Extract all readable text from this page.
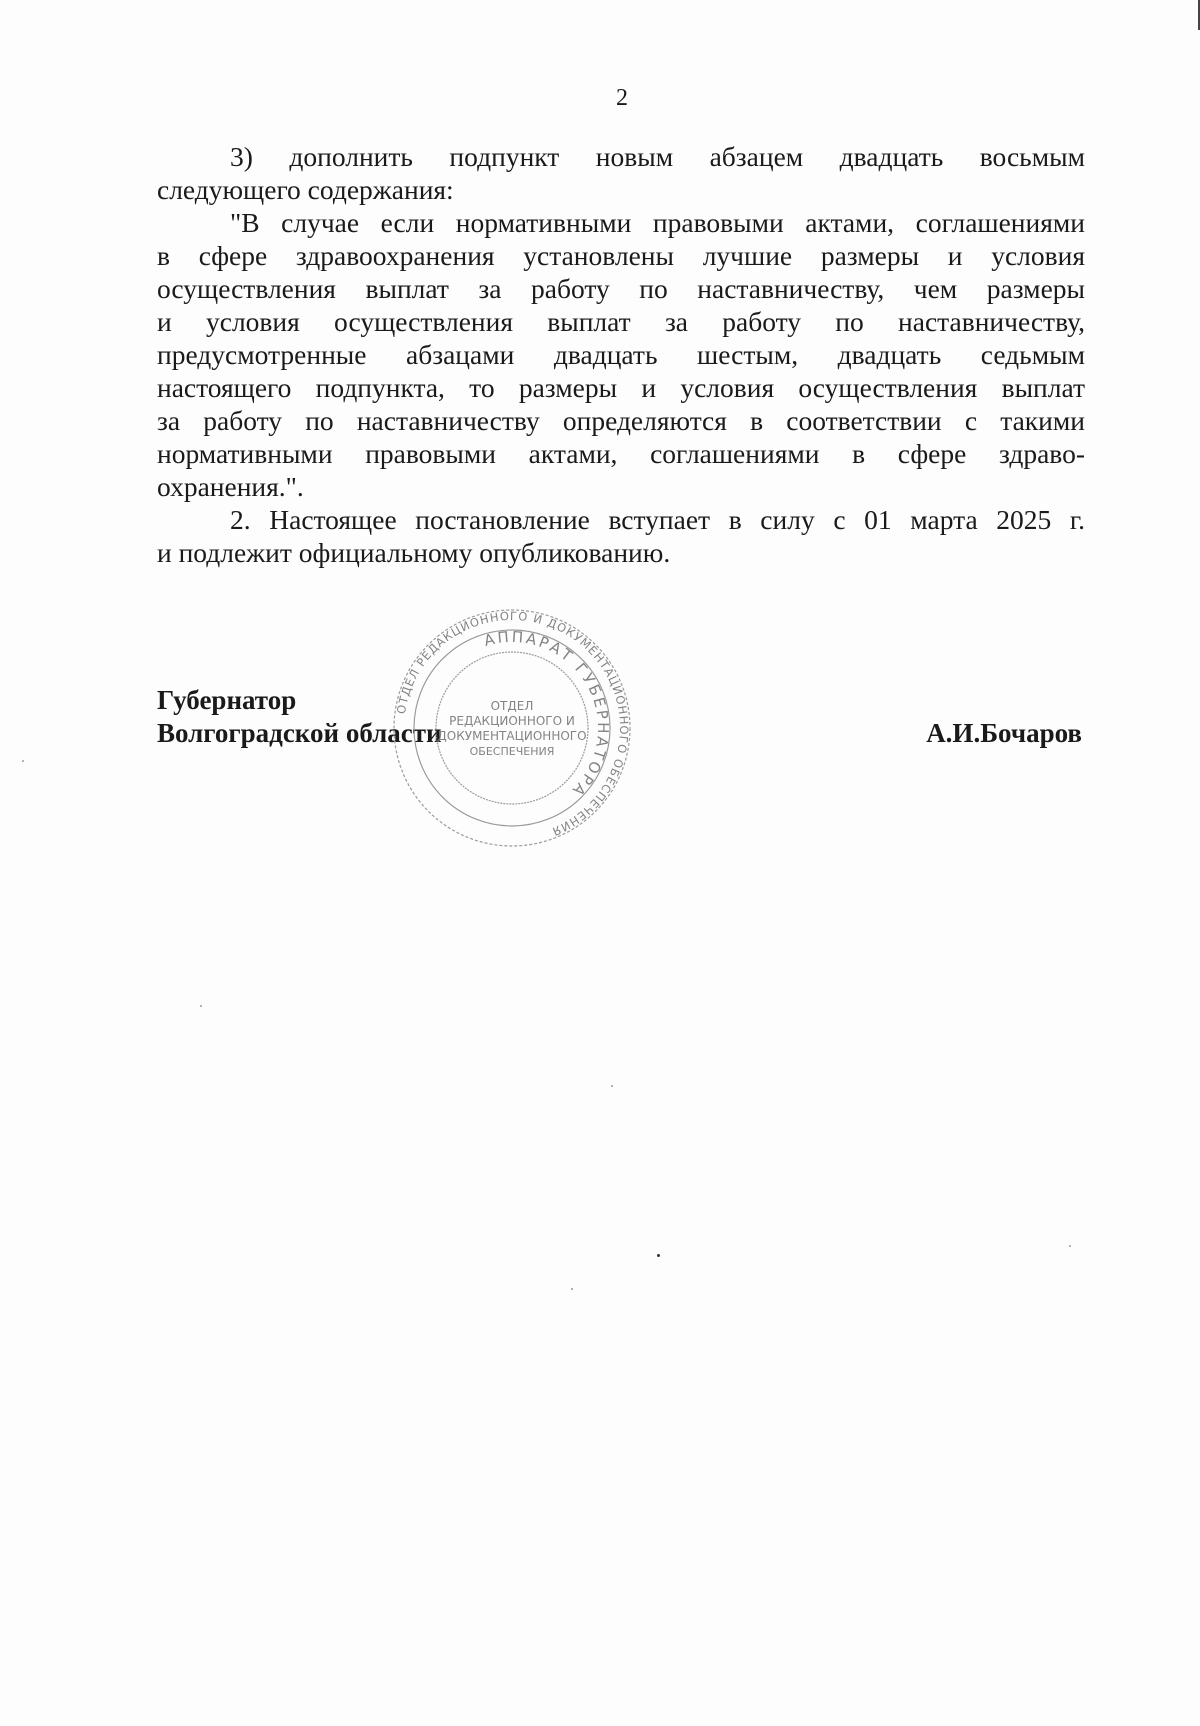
2
3) дополнить подпункт новым абзацем двадцать восьмым
следующего содержания:
"В случае если нормативными правовыми актами, соглашениями
в сфере здравоохранения установлены лучшие размеры и условия
осуществления выплат за работу по наставничеству, чем размеры
и условия осуществления выплат за работу по наставничеству,
предусмотренные абзацами двадцать шестым, двадцать седьмым
настоящего подпункта, то размеры и условия осуществления выплат
за работу по наставничеству определяются в соответствии с такими
нормативными правовыми актами, соглашениями в сфере здраво-
охранения.".
2. Настоящее постановление вступает в силу с 01 марта 2025 г.
и подлежит официальному опубликованию.
Губернатор
Волгоградской области	А.И.Бочаров
ОТДЕЛ РЕДАКЦИОННОГО И ДОКУМЕНТАЦИОННОГО ОБЕСПЕЧЕНИЯ
АППАРАТ ГУБЕРНАТОРА
ОТДЕЛ
РЕДАКЦИОННОГО И
ДОКУМЕНТАЦИОННОГО
ОБЕСПЕЧЕНИЯ
